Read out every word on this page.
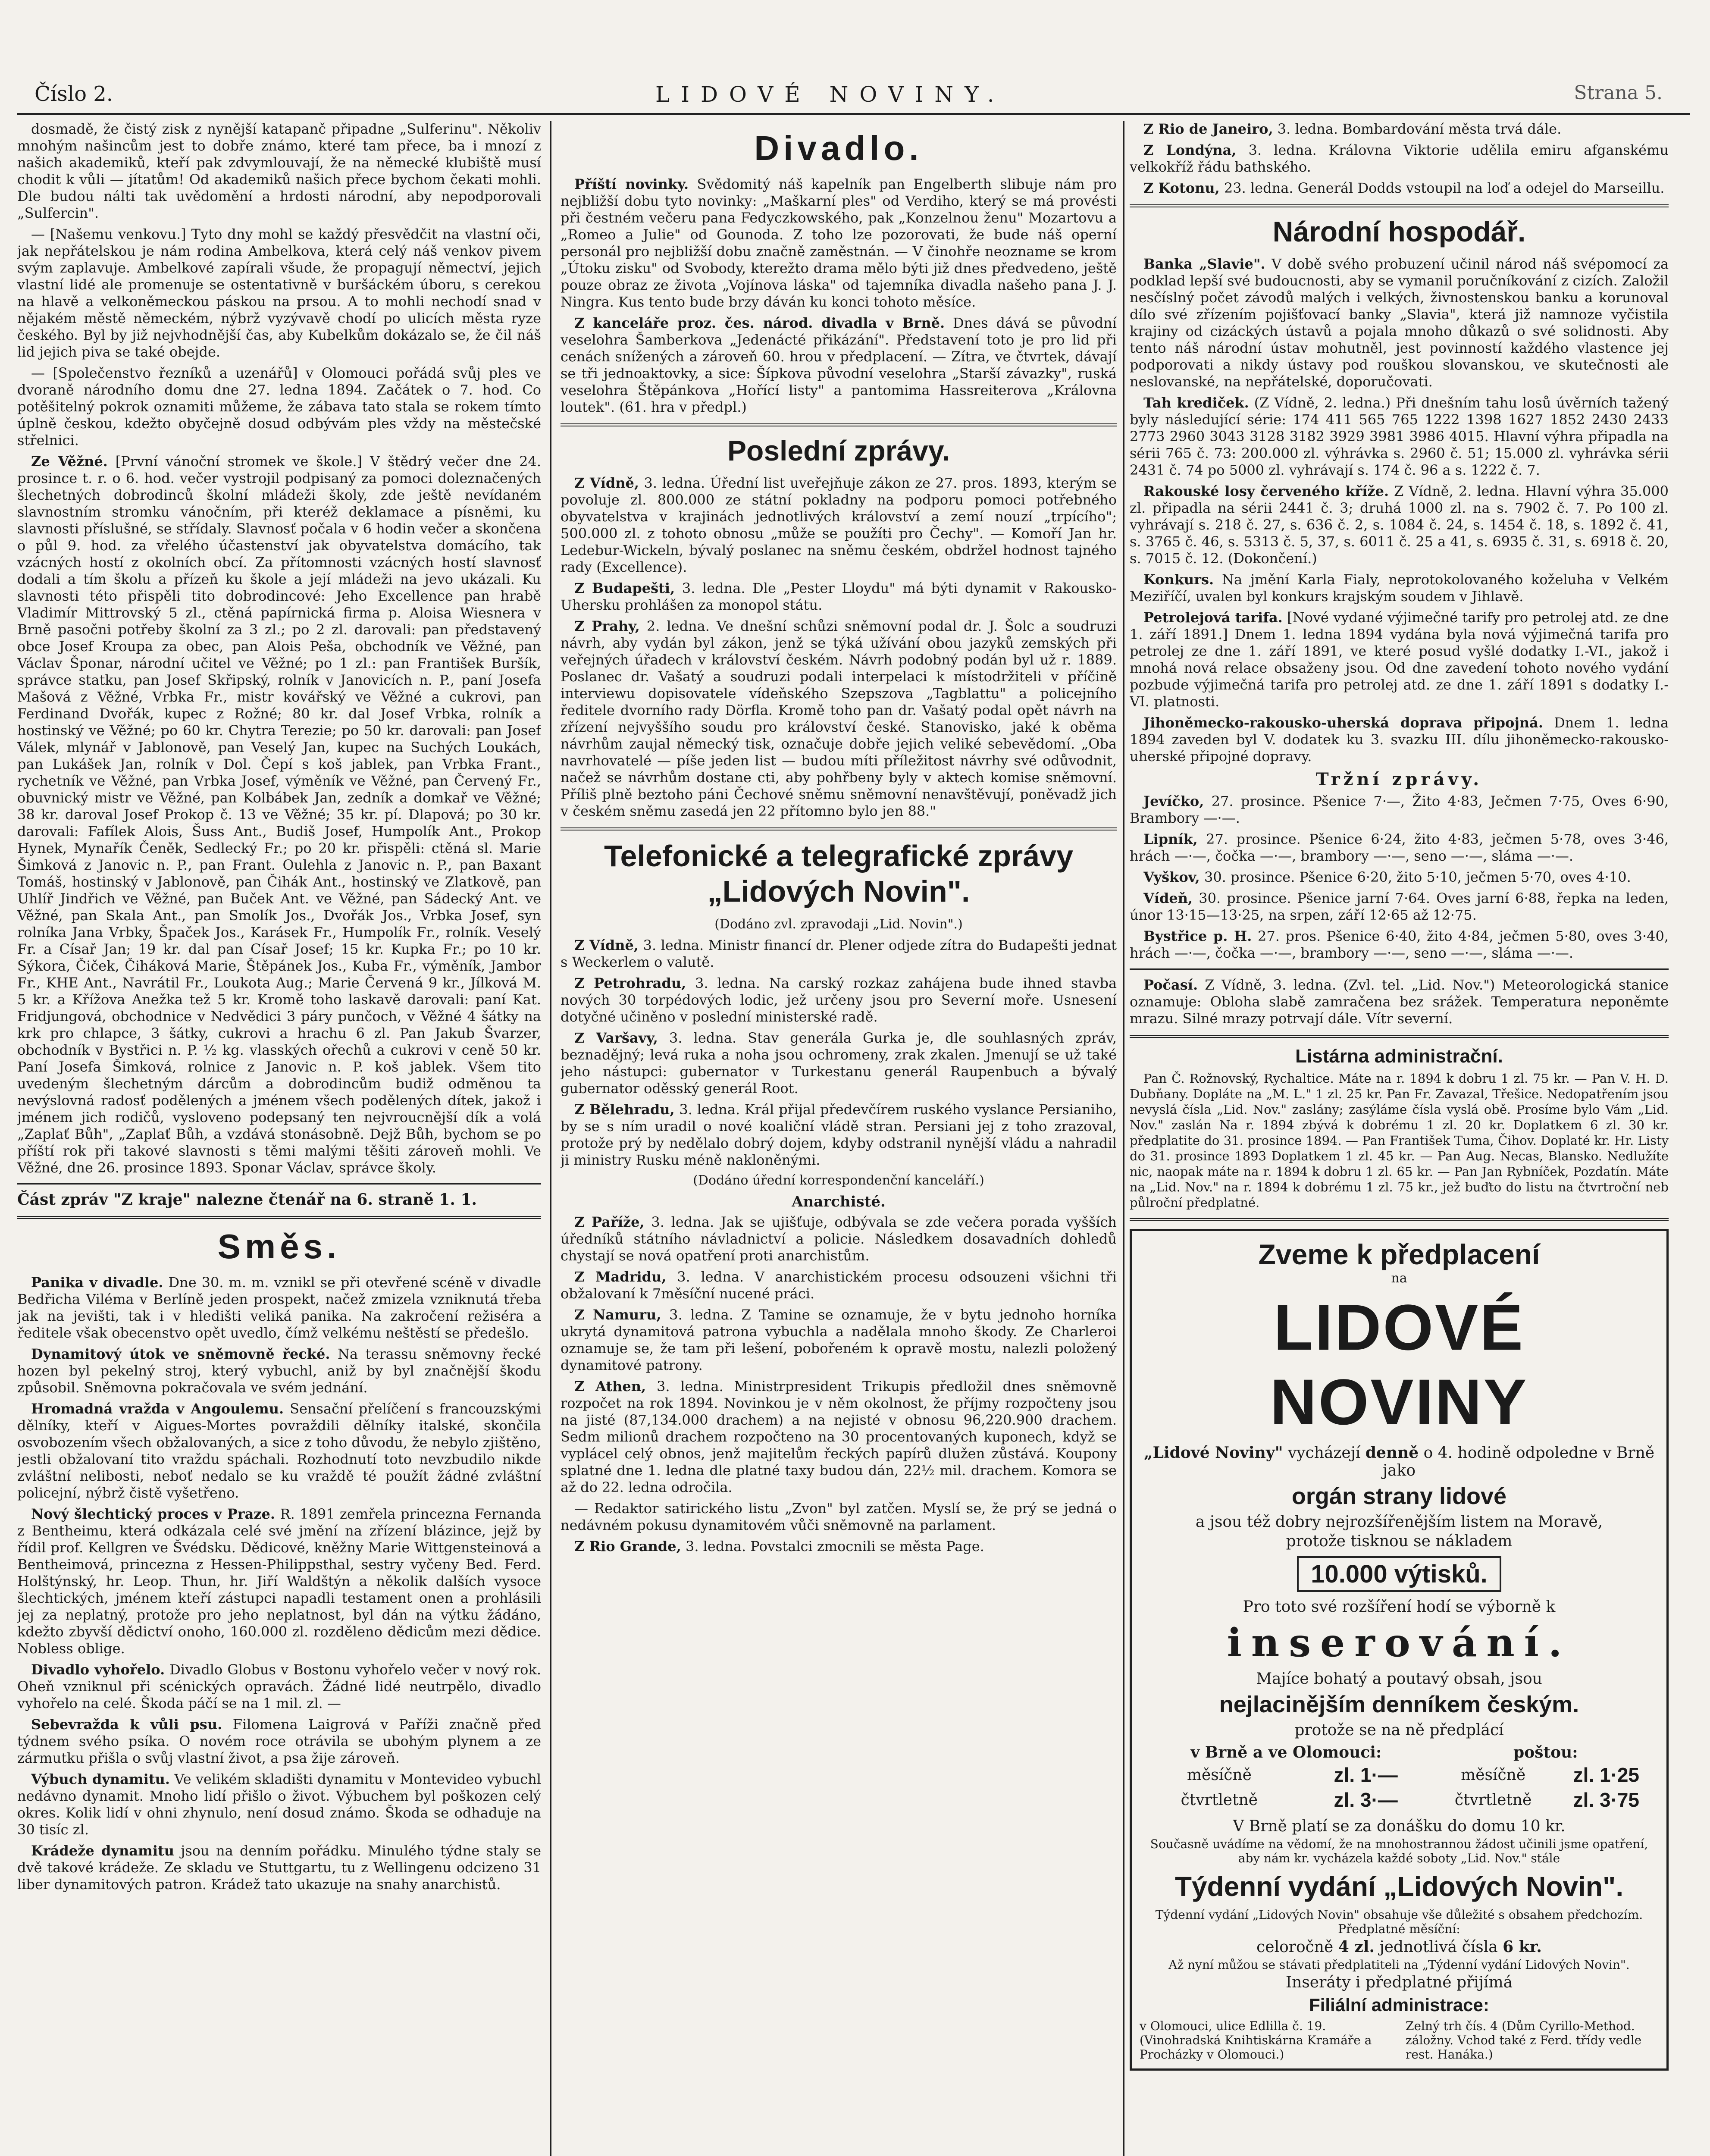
Číslo 2.	LIDOVÉ NOVINY.	Strana 5.

dosmadě, že čistý zisk z nynější katapanč připadne „Sulferinu". Několiv mnohým našincům jest to dobře známo, které tam přece, ba i mnozí z našich akademiků, kteří pak zdvymlouvají, že na německé klubiště musí chodit k vůli — jítatům! Od akademiků našich přece bychom čekati mohli. Dle budou nálti tak uvědomění a hrdosti národní, aby nepodporovali „Sulfercin".

— [Našemu venkovu.] Tyto dny mohl se každý přesvědčit na vlastní oči, jak nepřátelskou je nám rodina Ambelkova, která celý náš venkov pivem svým zaplavuje. Ambelkové zapírali všude, že propagují němectví, jejich vlastní lidé ale promenuje se ostentativně v buršáckém úboru, s cerekou na hlavě a velkoněmeckou páskou na prsou. A to mohli nechodí snad v nějakém městě německém, nýbrž vyzývavě chodí po ulicích města ryze českého. Byl by již nejvhodnější čas, aby Kubelkům dokázalo se, že čil náš lid jejich piva se také obejde.

— [Společenstvo řezníků a uzenářů] v Olomouci pořádá svůj ples ve dvoraně národního domu dne 27. ledna 1894. Začátek o 7. hod. Co potěšitelný pokrok oznamiti můžeme, že zábava tato stala se rokem tímto úplně českou, kdežto obyčejně dosud odbývám ples vždy na městečské střelnici.

Ze Věžné. [První vánoční stromek ve škole.] V štědrý večer dne 24. prosince t. r. o 6. hod. večer vystrojil podpisaný za pomoci doleznačených šlechetných dobrodinců školní mládeži školy, zde ještě nevídaném slavnostním stromku vánočním, při kteréž deklamace a písněmi, ku slavnosti příslušné, se střídaly. Slavnosť počala v 6 hodin večer a skončena o půl 9. hod. za vřelého účastenství jak obyvatelstva domácího, tak vzácných hostí z okolních obcí. Za přítomnosti vzácných hostí slavnosť dodali a tím školu a přízeň ku škole a její mládeži na jevo ukázali. Ku slavnosti této přispěli tito dobrodincové: Jeho Excellence pan hrabě Vladimír Mittrovský 5 zl., ctěná papírnická firma p. Aloisa Wiesnera v Brně pasočni potřeby školní za 3 zl.; po 2 zl. darovali: pan představený obce Josef Kroupa za obec, pan Alois Peša, obchodník ve Věžné, pan Václav Šponar, národní učitel ve Věžné; po 1 zl.: pan František Buršík, správce statku, pan Josef Skřipský, rolník v Janovicích n. P., paní Josefa Mašová z Věžné, Vrbka Fr., mistr kovářský ve Věžné a cukrovi, pan Ferdinand Dvořák, kupec z Rožné; 80 kr. dal Josef Vrbka, rolník a hostinský ve Věžné; po 60 kr. Chytra Terezie; po 50 kr. darovali: pan Josef Válek, mlynář v Jablonově, pan Veselý Jan, kupec na Suchých Loukách, pan Lukášek Jan, rolník v Dol. Čepí s koš jablek, pan Vrbka Frant., rychetník ve Věžné, pan Vrbka Josef, výměník ve Věžné, pan Červený Fr., obuvnický mistr ve Věžné, pan Kolbábek Jan, zedník a domkař ve Věžné; 38 kr. daroval Josef Prokop č. 13 ve Věžné; 35 kr. pí. Dlapová; po 30 kr. darovali: Fafílek Alois, Šuss Ant., Budiš Josef, Humpolík Ant., Prokop Hynek, Mynařík Čeněk, Sedlecký Fr.; po 20 kr. přispěli: ctěná sl. Marie Šimková z Janovic n. P., pan Frant. Oulehla z Janovic n. P., pan Baxant Tomáš, hostinský v Jablonově, pan Čihák Ant., hostinský ve Zlatkově, pan Uhlíř Jindřich ve Věžné, pan Buček Ant. ve Věžné, pan Sádecký Ant. ve Věžné, pan Skala Ant., pan Smolík Jos., Dvořák Jos., Vrbka Josef, syn rolníka Jana Vrbky, Špaček Jos., Karásek Fr., Humpolík Fr., rolník. Veselý Fr. a Císař Jan; 19 kr. dal pan Císař Josef; 15 kr. Kupka Fr.; po 10 kr. Sýkora, Čiček, Čiháková Marie, Štěpánek Jos., Kuba Fr., výměník, Jambor Fr., KHE Ant., Navrátil Fr., Loukota Aug.; Marie Červená 9 kr., Jílková M. 5 kr. a Křížova Anežka tež 5 kr. Kromě toho laskavě darovali: paní Kat. Fridjungová, obchodnice v Nedvědici 3 páry punčoch, v Věžné 4 šátky na krk pro chlapce, 3 šátky, cukrovi a hrachu 6 zl. Pan Jakub Švarzer, obchodník v Bystřici n. P. ½ kg. vlasských ořechů a cukrovi v ceně 50 kr. Paní Josefa Šimková, rolnice z Janovic n. P. koš jablek. Všem tito uvedeným šlechetným dárcům a dobrodincům budiž odměnou ta nevýslovná radosť podělených a jménem všech podělených dítek, jakož i jménem jich rodičů, vysloveno podepsaný ten nejvroucnější dík a volá „Zaplať Bůh", „Zaplať Bůh, a vzdává stonásobně. Dejž Bůh, bychom se po příští rok při takové slavnosti s těmi malými těšiti zároveň mohli. Ve Věžné, dne 26. prosince 1893. Sponar Václav, správce školy.

Část zpráv "Z kraje" nalezne čtenář na 6. straně 1. 1.

Směs.

Panika v divadle. Dne 30. m. m. vznikl se při otevřené scéně v divadle Bedřicha Viléma v Berlíně jeden prospekt, načež zmizela vzniknutá třeba jak na jevišti, tak i v hledišti veliká panika. Na zakročení režiséra a ředitele však obecenstvo opět uvedlo, čímž velkému neštěstí se předešlo.

Dynamitový útok ve sněmovně řecké. Na terassu sněmovny řecké hozen byl pekelný stroj, který vybuchl, aniž by byl značnější škodu způsobil. Sněmovna pokračovala ve svém jednání.

Hromadná vražda v Angoulemu. Sensační přelíčení s francouzskými dělníky, kteří v Aigues-Mortes povraždili dělníky italské, skončila osvobozením všech obžalovaných, a sice z toho důvodu, že nebylo zjištěno, jestli obžalovaní tito vraždu spáchali. Rozhodnutí toto nevzbudilo nikde zvláštní nelibosti, neboť nedalo se ku vraždě té použít žádné zvláštní policejní, nýbrž čistě vyšetřeno.

Nový šlechtický proces v Praze. R. 1891 zemřela princezna Fernanda z Bentheimu, která odkázala celé své jmění na zřízení blázince, jejž by řídil prof. Kellgren ve Švédsku. Dědicové, kněžny Marie Wittgensteinová a Bentheimová, princezna z Hessen-Philippsthal, sestry vyčeny Bed. Ferd. Holštýnský, hr. Leop. Thun, hr. Jiří Waldštýn a několik dalších vysoce šlechtických, jménem kteří zástupci napadli testament onen a prohlásili jej za neplatný, protože pro jeho neplatnost, byl dán na výtku žádáno, kdežto zbyvší dědictví onoho, 160.000 zl. rozděleno dědicům mezi dědice. Nobless oblige.

Divadlo vyhořelo. Divadlo Globus v Bostonu vyhořelo večer v nový rok. Oheň vzniknul při scénických opravách. Žádné lidé neutrpělo, divadlo vyhořelo na celé. Škoda páčí se na 1 mil. zl. —

Sebevražda k vůli psu. Filomena Laigrová v Paříži značně před týdnem svého psíka. O novém roce otrávila se ubohým plynem a ze zármutku přišla o svůj vlastní život, a psa žije zároveň.

Výbuch dynamitu. Ve velikém skladišti dynamitu v Montevideo vybuchl nedávno dynamit. Mnoho lidí přišlo o život. Výbuchem byl poškozen celý okres. Kolik lidí v ohni zhynulo, není dosud známo. Škoda se odhaduje na 30 tisíc zl.

Krádeže dynamitu jsou na denním pořádku. Minulého týdne staly se dvě takové krádeže. Ze skladu ve Stuttgartu, tu z Wellingenu odcizeno 31 liber dynamitových patron. Krádež tato ukazuje na snahy anarchistů.

Divadlo.

Příští novinky. Svědomitý náš kapelník pan Engelberth slibuje nám pro nejbližší dobu tyto novinky: „Maškarní ples" od Verdiho, který se má provésti při čestném večeru pana Fedyczkowského, pak „Konzelnou ženu" Mozartovu a „Romeo a Julie" od Gounoda. Z toho lze pozorovati, že bude náš operní personál pro nejbližší dobu značně zaměstnán. — V činohře neozname se krom „Útoku zisku" od Svobody, kterežto drama mělo býti již dnes předvedeno, ještě pouze obraz ze života „Vojínova láska" od tajemníka divadla našeho pana J. J. Ningra. Kus tento bude brzy dáván ku konci tohoto měsíce.

Z kanceláře proz. čes. národ. divadla v Brně. Dnes dává se původní veselohra Šamberkova „Jedenácté přikázání". Představení toto je pro lid při cenách snížených a zároveň 60. hrou v předplacení. — Zítra, ve čtvrtek, dávají se tři jednoaktovky, a sice: Šípkova původní veselohra „Starší závazky", ruská veselohra Štěpánkova „Hořící listy" a pantomima Hassreiterova „Královna loutek". (61. hra v předpl.)

Poslední zprávy.

Z Vídně, 3. ledna. Úřední list uveřejňuje zákon ze 27. pros. 1893, kterým se povoluje zl. 800.000 ze státní pokladny na podporu pomoci potřebného obyvatelstva v krajinách jednotlivých království a zemí nouzí „trpícího"; 500.000 zl. z tohoto obnosu „může se použíti pro Čechy". — Komoří Jan hr. Ledebur-Wickeln, bývalý poslanec na sněmu českém, obdržel hodnost tajného rady (Excellence).

Z Budapešti, 3. ledna. Dle „Pester Lloydu" má býti dynamit v Rakousko-Uhersku prohlášen za monopol státu.

Z Prahy, 2. ledna. Ve dnešní schůzi sněmovní podal dr. J. Šolc a soudruzi návrh, aby vydán byl zákon, jenž se týká užívání obou jazyků zemských při veřejných úřadech v království českém. Návrh podobný podán byl už r. 1889. Poslanec dr. Vašatý a soudruzi podali interpelaci k místodržiteli v příčině interviewu dopisovatele vídeňského Szepszova „Tagblattu" a policejního ředitele dvorního rady Dörfla. Kromě toho pan dr. Vašatý podal opět návrh na zřízení nejvyššího soudu pro království české. Stanovisko, jaké k oběma návrhům zaujal německý tisk, označuje dobře jejich veliké sebevědomí. „Oba navrhovatelé — píše jeden list — budou míti příležitost návrhy své odůvodnit, načež se návrhům dostane cti, aby pohřbeny byly v aktech komise sněmovní. Příliš plně beztoho páni Čechové sněmu sněmovní nenavštěvují, poněvadž jich v českém sněmu zasedá jen 22 přítomno bylo jen 88."

Telefonické a telegrafické zprávy „Lidových Novin".
(Dodáno zvl. zpravodaji „Lid. Novin".)

Z Vídně, 3. ledna. Ministr financí dr. Plener odjede zítra do Budapešti jednat s Weckerlem o valutě.

Z Petrohradu, 3. ledna. Na carský rozkaz zahájena bude ihned stavba nových 30 torpédových lodic, jež určeny jsou pro Severní moře. Usnesení dotyčné učiněno v poslední ministerské radě.

Z Varšavy, 3. ledna. Stav generála Gurka je, dle souhlasných zpráv, beznadějný; levá ruka a noha jsou ochromeny, zrak zkalen. Jmenují se už také jeho nástupci: gubernator v Turkestanu generál Raupenbuch a bývalý gubernator oděsský generál Root.

Z Bělehradu, 3. ledna. Král přijal předevčírem ruského vyslance Persianiho, by se s ním uradil o nové koaliční vládě stran. Persiani jej z toho zrazoval, protože prý by nedělalo dobrý dojem, kdyby odstranil nynější vládu a nahradil ji ministry Rusku méně nakloněnými.

(Dodáno úřední korrespondenční kanceláří.)
Anarchisté.

Z Paříže, 3. ledna. Jak se ujišťuje, odbývala se zde večera porada vyšších úředníků státního návladnictví a policie. Následkem dosavadních dohledů chystají se nová opatření proti anarchistům.

Z Madridu, 3. ledna. V anarchistickém procesu odsouzeni všichni tři obžalovaní k 7měsíční nucené práci.

Z Namuru, 3. ledna. Z Tamine se oznamuje, že v bytu jednoho horníka ukrytá dynamitová patrona vybuchla a nadělala mnoho škody. Ze Charleroi oznamuje se, že tam při lešení, pobořeném k opravě mostu, nalezli položený dynamitové patrony.

Z Athen, 3. ledna. Ministrpresident Trikupis předložil dnes sněmovně rozpočet na rok 1894. Novinkou je v něm okolnost, že příjmy rozpočteny jsou na jisté (87,134.000 drachem) a na nejisté v obnosu 96,220.900 drachem. Sedm milionů drachem rozpočteno na 30 procentovaných kuponech, když se vyplácel celý obnos, jenž majitelům řeckých papírů dlužen zůstává. Koupony splatné dne 1. ledna dle platné taxy budou dán, 22½ mil. drachem. Komora se až do 22. ledna odročila.

— Redaktor satirického listu „Zvon" byl zatčen. Myslí se, že prý se jedná o nedávném pokusu dynamitovém vůči sněmovně na parlament.

Z Rio Grande, 3. ledna. Povstalci zmocnili se města Page.

Z Rio de Janeiro, 3. ledna. Bombardování města trvá dále.

Z Londýna, 3. ledna. Královna Viktorie udělila emiru afganskému velkokříž řádu bathského.

Z Kotonu, 23. ledna. Generál Dodds vstoupil na loď a odejel do Marseillu.

Národní hospodář.

Banka „Slavie". V době svého probuzení učinil národ náš svépomocí za podklad lepší své budoucnosti, aby se vymanil poručníkování z cizích. Založil nesčíslný počet závodů malých i velkých, živnostenskou banku a korunoval dílo své zřízením pojišťovací banky „Slavia", která již namnoze vyčistila krajiny od cizáckých ústavů a pojala mnoho důkazů o své solidnosti. Aby tento náš národní ústav mohutněl, jest povinností každého vlastence jej podporovati a nikdy ústavy pod rouškou slovanskou, ve skutečnosti ale neslovanské, na nepřátelské, doporučovati.

Tah krediček. (Z Vídně, 2. ledna.) Při dnešním tahu losů úvěrních tažený byly následující série: 174 411 565 765 1222 1398 1627 1852 2430 2433 2773 2960 3043 3128 3182 3929 3981 3986 4015. Hlavní výhra připadla na sérii 765 č. 73: 200.000 zl. výhrávka s. 2960 č. 51; 15.000 zl. vyhrávka sérii 2431 č. 74 po 5000 zl. vyhrávají s. 174 č. 96 a s. 1222 č. 7.

Rakouské losy červeného kříže. Z Vídně, 2. ledna. Hlavní výhra 35.000 zl. připadla na sérii 2441 č. 3; druhá 1000 zl. na s. 7902 č. 7. Po 100 zl. vyhrávají s. 218 č. 27, s. 636 č. 2, s. 1084 č. 24, s. 1454 č. 18, s. 1892 č. 41, s. 3765 č. 46, s. 5313 č. 5, 37, s. 6011 č. 25 a 41, s. 6935 č. 31, s. 6918 č. 20, s. 7015 č. 12. (Dokončení.)

Konkurs. Na jmění Karla Fialy, neprotokolovaného koželuha v Velkém Meziříčí, uvalen byl konkurs krajským soudem v Jihlavě.

Petrolejová tarifa. [Nové vydané výjimečné tarify pro petrolej atd. ze dne 1. září 1891.] Dnem 1. ledna 1894 vydána byla nová výjimečná tarifa pro petrolej ze dne 1. září 1891, ve které posud vyšlé dodatky I.-VI., jakož i mnohá nová relace obsaženy jsou. Od dne zavedení tohoto nového vydání pozbude výjimečná tarifa pro petrolej atd. ze dne 1. září 1891 s dodatky I.-VI. platnosti.

Jihoněmecko-rakousko-uherská doprava připojná. Dnem 1. ledna 1894 zaveden byl V. dodatek ku 3. svazku III. dílu jihoněmecko-rakousko-uherské připojné dopravy.

Tržní zprávy.

Jevíčko, 27. prosince. Pšenice 7·—, Žito 4·83, Ječmen 7·75, Oves 6·90, Brambory —·—.

Lipník, 27. prosince. Pšenice 6·24, žito 4·83, ječmen 5·78, oves 3·46, hrách —·—, čočka —·—, brambory —·—, seno —·—, sláma —·—.

Vyškov, 30. prosince. Pšenice 6·20, žito 5·10, ječmen 5·70, oves 4·10.

Vídeň, 30. prosince. Pšenice jarní 7·64. Oves jarní 6·88, řepka na leden, únor 13·15—13·25, na srpen, září 12·65 až 12·75.

Bystřice p. H. 27. pros. Pšenice 6·40, žito 4·84, ječmen 5·80, oves 3·40, hrách —·—, čočka —·—, brambory —·—, seno —·—, sláma —·—.

Počasí. Z Vídně, 3. ledna. (Zvl. tel. „Lid. Nov.") Meteorologická stanice oznamuje: Obloha slabě zamračena bez srážek. Temperatura neponěmte mrazu. Silné mrazy potrvají dále. Vítr severní.

Listárna administrační.

Pan Č. Rožnovský, Rychaltice. Máte na r. 1894 k dobru 1 zl. 75 kr. — Pan V. H. D. Dubňany. Dopláte na „M. L." 1 zl. 25 kr. Pan Fr. Zavazal, Třešice. Nedopatřením jsou nevyslá čísla „Lid. Nov." zaslány; zasýláme čísla vyslá obě. Prosíme bylo Vám „Lid. Nov." zaslán Na r. 1894 zbývá k dobrému 1 zl. 20 kr. Doplatkem 6 zl. 30 kr. předplatite do 31. prosince 1894. — Pan František Tuma, Čihov. Doplaté kr. Hr. Listy do 31. prosince 1893 Doplatkem 1 zl. 45 kr. — Pan Aug. Necas, Blansko. Nedlužíte nic, naopak máte na r. 1894 k dobru 1 zl. 65 kr. — Pan Jan Rybníček, Pozdatín. Máte na „Lid. Nov." na r. 1894 k dobrému 1 zl. 75 kr., jež buďto do listu na čtvrtroční neb půlroční předplatné.

Zveme k předplacení
na
LIDOVÉ NOVINY
„Lidové Noviny" vycházejí denně o 4. hodině odpoledne v Brně jako
orgán strany lidové
a jsou též dobry nejrozšířenějším listem na Moravě,
protože tisknou se nákladem
10.000 výtisků.
Pro toto své rozšíření hodí se výborně k
inserování.
Majíce bohatý a poutavý obsah, jsou
nejlacinějším denníkem českým.
protože se na ně předplácí
v Brně a ve Olomouci:		poštou:	
měsíčně	zl. 1·—	měsíčně	zl. 1·25
čtvrtletně	zl. 3·—	čtvrtletně	zl. 3·75
V Brně platí se za donášku do domu 10 kr.
Současně uvádíme na vědomí, že na mnohostrannou žádost učinili jsme opatření, aby nám kr. vycházela každé soboty „Lid. Nov." stále
Týdenní vydání „Lidových Novin".
Týdenní vydání „Lidových Novin" obsahuje vše důležité s obsahem předchozím. Předplatné měsíční:
celoročně 4 zl. jednotlivá čísla 6 kr.
Až nyní můžou se stávati předplatiteli na „Týdenní vydání Lidových Novin".
Inseráty i předplatné přijímá
Filiální administrace:
v Olomouci, ulice Edlilla č. 19. (Vinohradská Knihtiskárna Kramáře a Procházky v Olomouci.)
Zelný trh čís. 4 (Dům Cyrillo-Method. záložny. Vchod také z Ferd. třídy vedle rest. Hanáka.)
